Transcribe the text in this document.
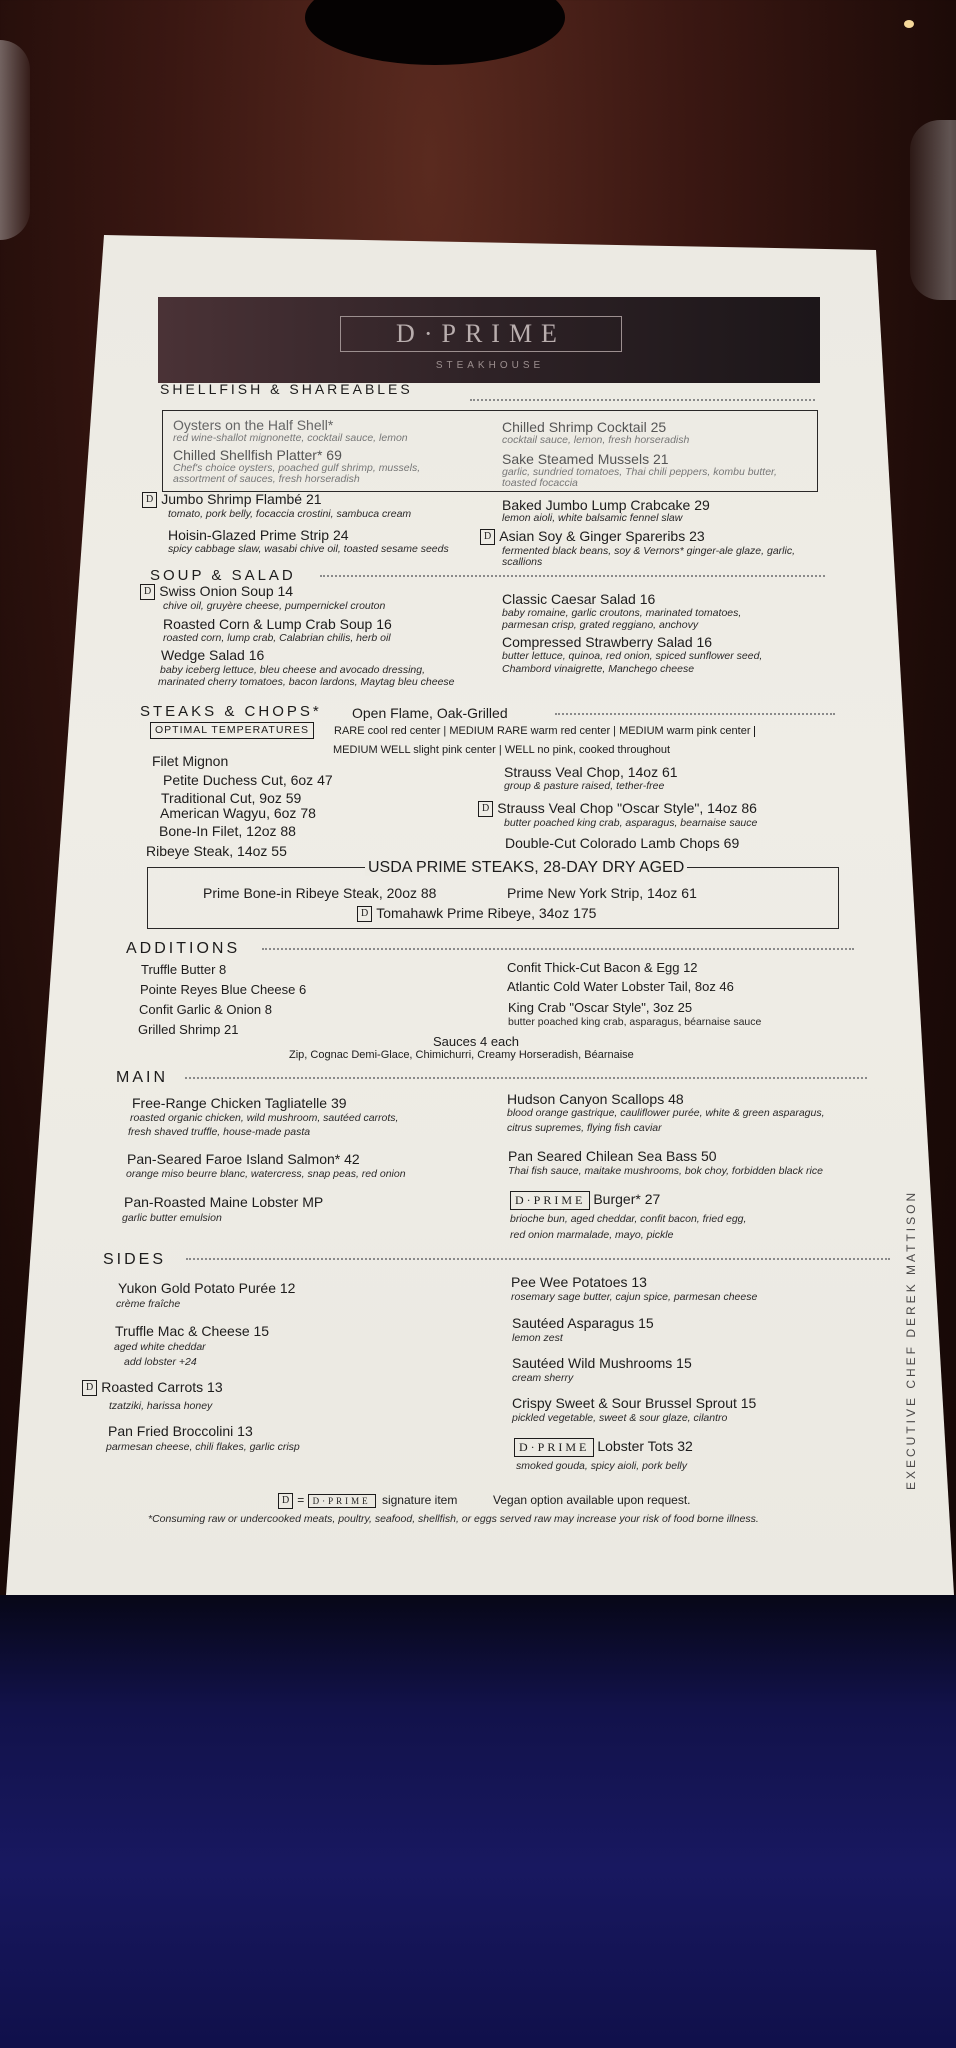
D·PRIME
STEAKHOUSE
SHELLFISH & SHAREABLES
Oysters on the Half Shell*
red wine-shallot mignonette, cocktail sauce, lemon
Chilled Shellfish Platter* 69
Chef's choice oysters, poached gulf shrimp, mussels, assortment of sauces, fresh horseradish
Chilled Shrimp Cocktail 25
cocktail sauce, lemon, fresh horseradish
Sake Steamed Mussels 21
garlic, sundried tomatoes, Thai chili peppers, kombu butter, toasted focaccia
D Jumbo Shrimp Flambé 21
tomato, pork belly, focaccia crostini, sambuca cream
Hoisin-Glazed Prime Strip 24
spicy cabbage slaw, wasabi chive oil, toasted sesame seeds
Baked Jumbo Lump Crabcake 29
lemon aioli, white balsamic fennel slaw
D Asian Soy & Ginger Spareribs 23
fermented black beans, soy & Vernors* ginger-ale glaze, garlic, scallions
SOUP & SALAD
D Swiss Onion Soup 14
chive oil, gruyère cheese, pumpernickel crouton
Roasted Corn & Lump Crab Soup 16
roasted corn, lump crab, Calabrian chilis, herb oil
Wedge Salad 16
baby iceberg lettuce, bleu cheese and avocado dressing,
marinated cherry tomatoes, bacon lardons, Maytag bleu cheese
Classic Caesar Salad 16
baby romaine, garlic croutons, marinated tomatoes,
parmesan crisp, grated reggiano, anchovy
Compressed Strawberry Salad 16
butter lettuce, quinoa, red onion, spiced sunflower seed,
Chambord vinaigrette, Manchego cheese
STEAKS & CHOPS* Open Flame, Oak-Grilled
OPTIMAL TEMPERATURES	RARE cool red center | MEDIUM RARE warm red center | MEDIUM warm pink center
MEDIUM WELL slight pink center | WELL no pink, cooked throughout
Filet Mignon
Petite Duchess Cut, 6oz 47
Traditional Cut, 9oz 59
American Wagyu, 6oz 78
Bone-In Filet, 12oz 88
Ribeye Steak, 14oz 55
Strauss Veal Chop, 14oz 61
group & pasture raised, tether-free
D Strauss Veal Chop "Oscar Style", 14oz 86
butter poached king crab, asparagus, bearnaise sauce
Double-Cut Colorado Lamb Chops 69
USDA PRIME STEAKS, 28-DAY DRY AGED
Prime Bone-in Ribeye Steak, 20oz 88	Prime New York Strip, 14oz 61
D Tomahawk Prime Ribeye, 34oz 175
ADDITIONS
Truffle Butter 8
Pointe Reyes Blue Cheese 6
Confit Garlic & Onion 8
Grilled Shrimp 21
Confit Thick-Cut Bacon & Egg 12
Atlantic Cold Water Lobster Tail, 8oz 46
King Crab "Oscar Style", 3oz 25
butter poached king crab, asparagus, béarnaise sauce
Sauces 4 each
Zip, Cognac Demi-Glace, Chimichurri, Creamy Horseradish, Béarnaise
MAIN
Free-Range Chicken Tagliatelle 39
roasted organic chicken, wild mushroom, sautéed carrots,
fresh shaved truffle, house-made pasta
Pan-Seared Faroe Island Salmon* 42
orange miso beurre blanc, watercress, snap peas, red onion
Pan-Roasted Maine Lobster MP
garlic butter emulsion
Hudson Canyon Scallops 48
blood orange gastrique, cauliflower purée, white & green asparagus,
citrus supremes, flying fish caviar
Pan Seared Chilean Sea Bass 50
Thai fish sauce, maitake mushrooms, bok choy, forbidden black rice
D·PRIME Burger* 27
brioche bun, aged cheddar, confit bacon, fried egg,
red onion marmalade, mayo, pickle
SIDES
Yukon Gold Potato Purée 12
crème fraîche
Truffle Mac & Cheese 15
aged white cheddar
add lobster +24
D Roasted Carrots 13
tzatziki, harissa honey
Pan Fried Broccolini 13
parmesan cheese, chili flakes, garlic crisp
Pee Wee Potatoes 13
rosemary sage butter, cajun spice, parmesan cheese
Sautéed Asparagus 15
lemon zest
Sautéed Wild Mushrooms 15
cream sherry
Crispy Sweet & Sour Brussel Sprout 15
pickled vegetable, sweet & sour glaze, cilantro
D·PRIME Lobster Tots 32
smoked gouda, spicy aioli, pork belly
D = D·PRIME signature item	Vegan option available upon request.
*Consuming raw or undercooked meats, poultry, seafood, shellfish, or eggs served raw may increase your risk of food borne illness.
EXECUTIVE CHEF DEREK MATTISON
